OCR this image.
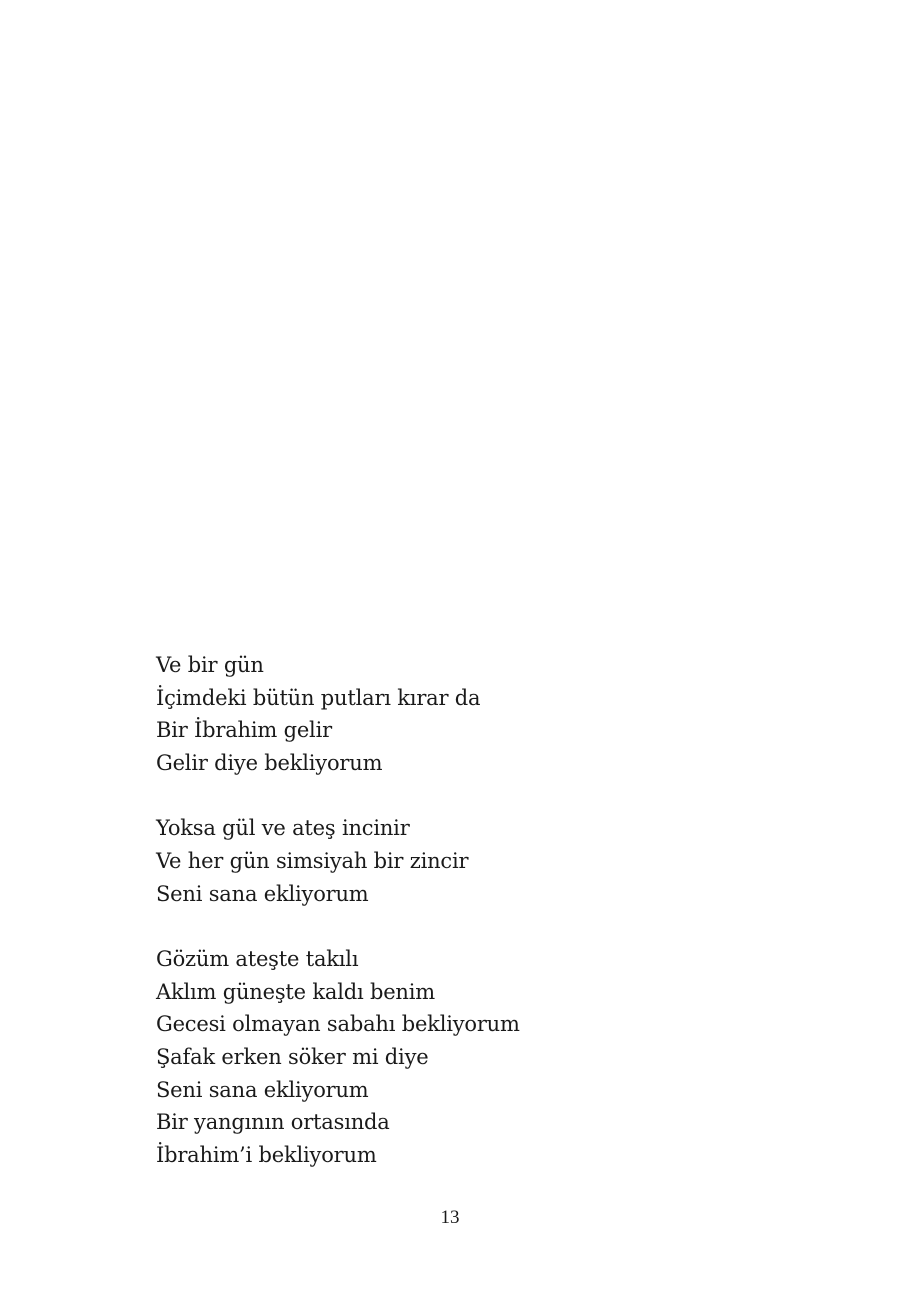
Ve bir gün
İçimdeki bütün putları kırar da
Bir İbrahim gelir
Gelir diye bekliyorum
Yoksa gül ve ateş incinir
Ve her gün simsiyah bir zincir
Seni sana ekliyorum
Gözüm ateşte takılı
Aklım güneşte kaldı benim
Gecesi olmayan sabahı bekliyorum
Şafak erken söker mi diye
Seni sana ekliyorum
Bir yangının ortasında
İbrahim’i bekliyorum
13
